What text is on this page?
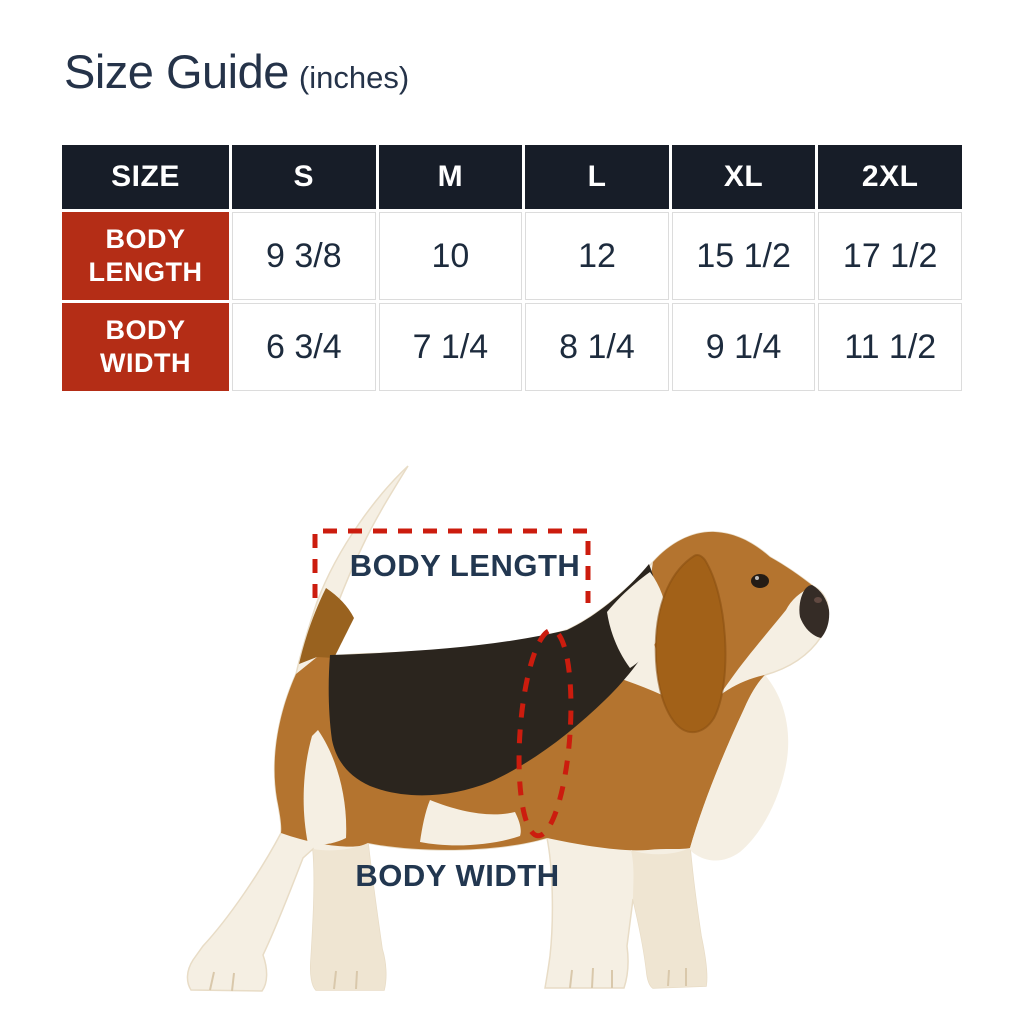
Size Guide (inches)
SIZE	S	M	L	XL	2XL
BODY
LENGTH	9 3/8	10	12	15 1/2	17 1/2
BODY
WIDTH	6 3/4	7 1/4	8 1/4	9 1/4	11 1/2
BODY LENGTH
BODY WIDTH
